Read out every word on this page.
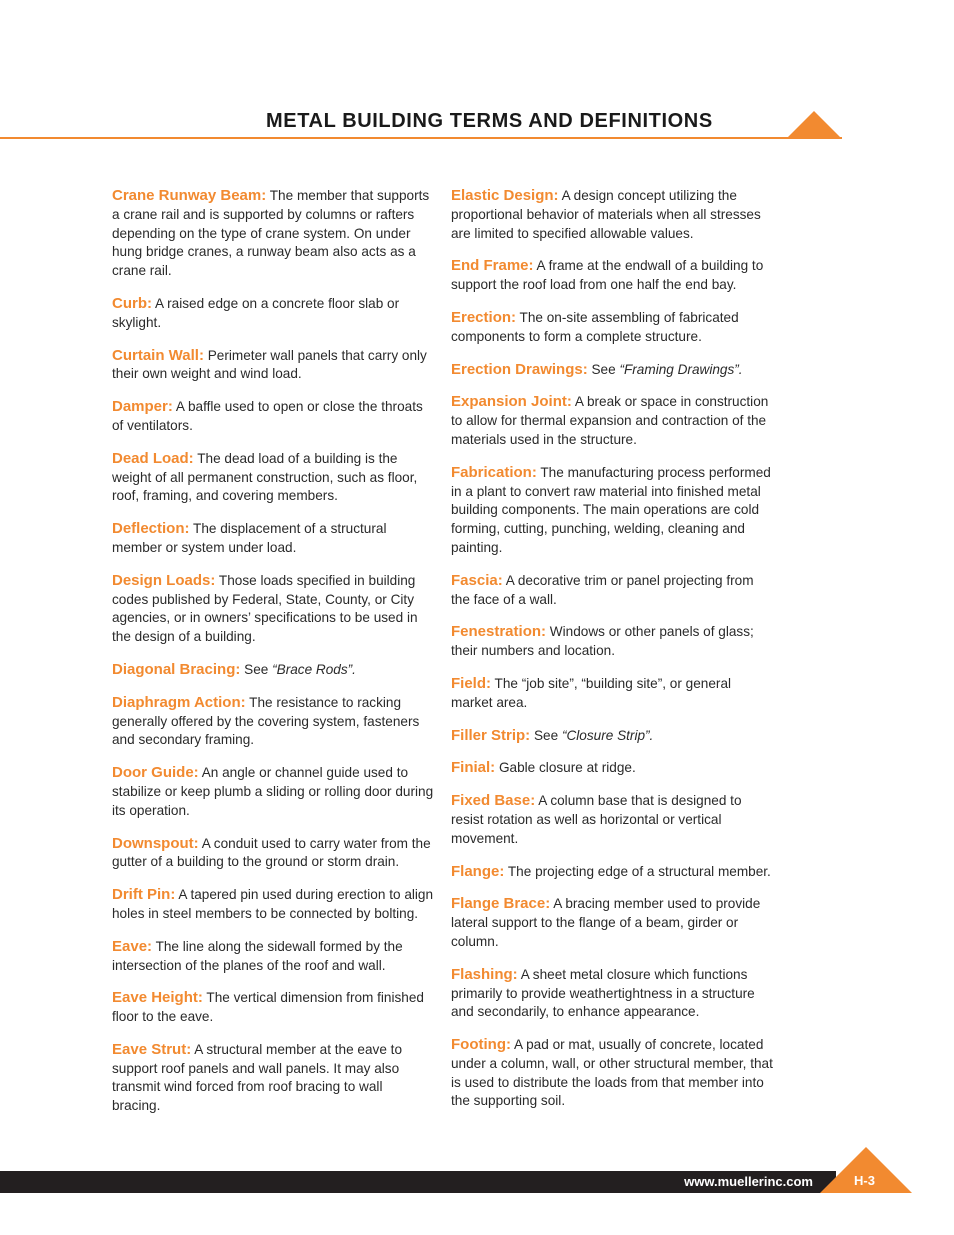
METAL BUILDING TERMS AND DEFINITIONS

Crane Runway Beam: The member that supports a crane rail and is supported by columns or rafters depending on the type of crane system. On under hung bridge cranes, a runway beam also acts as a crane rail.

Curb: A raised edge on a concrete floor slab or skylight.

Curtain Wall: Perimeter wall panels that carry only their own weight and wind load.

Damper: A baffle used to open or close the throats of ventilators.

Dead Load: The dead load of a building is the weight of all permanent construction, such as floor, roof, framing, and covering members.

Deflection: The displacement of a structural member or system under load.

Design Loads: Those loads specified in building codes published by Federal, State, County, or City agencies, or in owners’ specifications to be used in the design of a building.

Diagonal Bracing: See “Brace Rods”.

Diaphragm Action: The resistance to racking generally offered by the covering system, fasteners and secondary framing.

Door Guide: An angle or channel guide used to stabilize or keep plumb a sliding or rolling door during its operation.

Downspout: A conduit used to carry water from the gutter of a building to the ground or storm drain.

Drift Pin: A tapered pin used during erection to align holes in steel members to be connected by bolting.

Eave: The line along the sidewall formed by the intersection of the planes of the roof and wall.

Eave Height: The vertical dimension from finished floor to the eave.

Eave Strut: A structural member at the eave to support roof panels and wall panels. It may also transmit wind forced from roof bracing to wall bracing.

Elastic Design: A design concept utilizing the proportional behavior of materials when all stresses are limited to specified allowable values.

End Frame: A frame at the endwall of a building to support the roof load from one half the end bay.

Erection: The on-site assembling of fabricated components to form a complete structure.

Erection Drawings: See “Framing Drawings”.

Expansion Joint: A break or space in construction to allow for thermal expansion and contraction of the materials used in the structure.

Fabrication: The manufacturing process performed in a plant to convert raw material into finished metal building components. The main operations are cold forming, cutting, punching, welding, cleaning and painting.

Fascia: A decorative trim or panel projecting from the face of a wall.

Fenestration: Windows or other panels of glass; their numbers and location.

Field: The “job site”, “building site”, or general market area.

Filler Strip: See “Closure Strip”.

Finial: Gable closure at ridge.

Fixed Base: A column base that is designed to resist rotation as well as horizontal or vertical movement.

Flange: The projecting edge of a structural member.

Flange Brace: A bracing member used to provide lateral support to the flange of a beam, girder or column.

Flashing: A sheet metal closure which functions primarily to provide weathertightness in a structure and secondarily, to enhance appearance.

Footing: A pad or mat, usually of concrete, located under a column, wall, or other structural member, that is used to distribute the loads from that member into the supporting soil.

www.muellerinc.com	H-3
